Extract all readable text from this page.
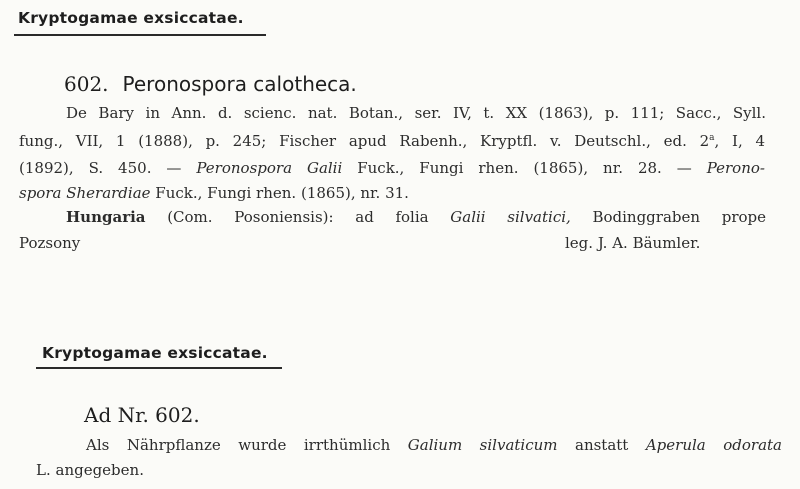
Kryptogamae exsiccatae.
602. Peronospora calotheca.
De Bary in Ann. d. scienc. nat. Botan., ser. IV, t. XX (1863), p. 111; Sacc., Syll.
fung., VII, 1 (1888), p. 245; Fischer apud Rabenh., Kryptfl. v. Deutschl., ed. 2$^a$, I, 4
(1892), S. 450. — Peronospora Galii Fuck., Fungi rhen. (1865), nr. 28. — Perono-
spora Sherardiae Fuck., Fungi rhen. (1865), nr. 31.
Hungaria (Com. Posoniensis): ad folia Galii silvatici, Bodinggraben prope
Pozsony	leg. J. A. Bäumler.
Kryptogamae exsiccatae.
Ad Nr. 602.
Als Nährpflanze wurde irrthümlich Galium silvaticum anstatt Aperula odorata
L. angegeben.
